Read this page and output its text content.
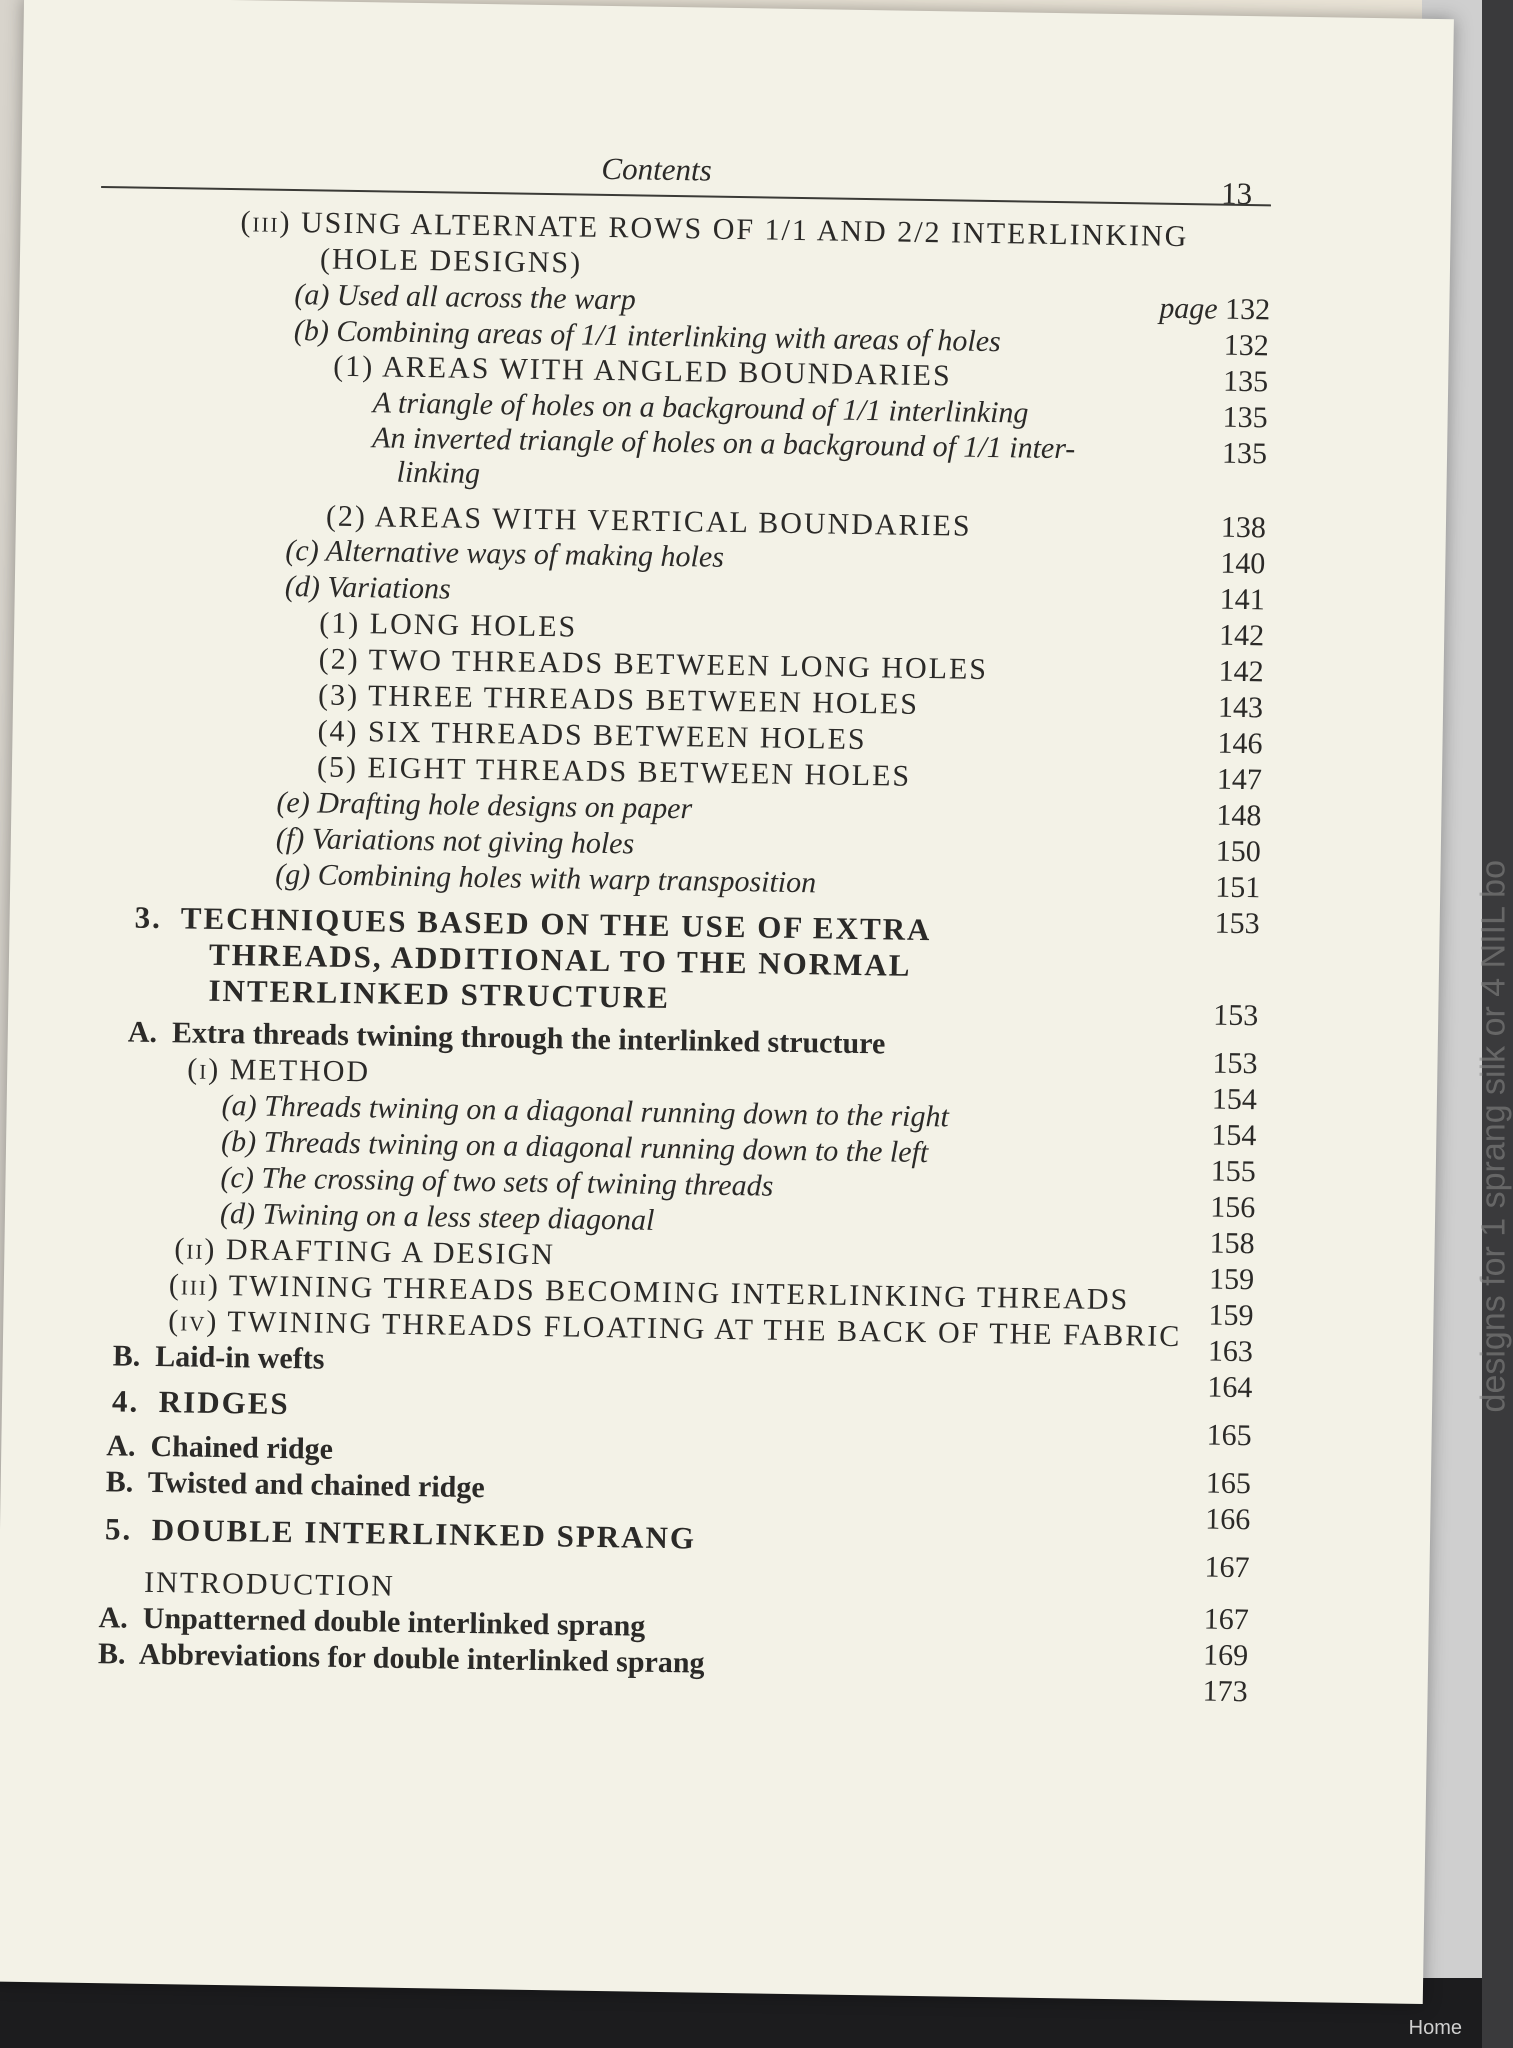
designs for 1 sprang silk or 4 NIIL bo
Home
Contents
13
(iii) USING ALTERNATE ROWS OF 1/1 AND 2/2 INTERLINKING
(HOLE DESIGNS)
(a) Used all across the warp
(b) Combining areas of 1/1 interlinking with areas of holes
(1) AREAS WITH ANGLED BOUNDARIES
A triangle of holes on a background of 1/1 interlinking
An inverted triangle of holes on a background of 1/1 inter-
linking
(2) AREAS WITH VERTICAL BOUNDARIES
(c) Alternative ways of making holes
(d) Variations
(1) LONG HOLES
(2) TWO THREADS BETWEEN LONG HOLES
(3) THREE THREADS BETWEEN HOLES
(4) SIX THREADS BETWEEN HOLES
(5) EIGHT THREADS BETWEEN HOLES
(e) Drafting hole designs on paper
(f) Variations not giving holes
(g) Combining holes with warp transposition
3. TECHNIQUES BASED ON THE USE OF EXTRA
THREADS, ADDITIONAL TO THE NORMAL
INTERLINKED STRUCTURE
A. Extra threads twining through the interlinked structure
(i) METHOD
(a) Threads twining on a diagonal running down to the right
(b) Threads twining on a diagonal running down to the left
(c) The crossing of two sets of twining threads
(d) Twining on a less steep diagonal
(ii) DRAFTING A DESIGN
(iii) TWINING THREADS BECOMING INTERLINKING THREADS
(iv) TWINING THREADS FLOATING AT THE BACK OF THE FABRIC
B. Laid-in wefts
4. RIDGES
A. Chained ridge
B. Twisted and chained ridge
5. DOUBLE INTERLINKED SPRANG
INTRODUCTION
A. Unpatterned double interlinked sprang
B. Abbreviations for double interlinked sprang
page 132
132
135
135
135
138
140
141
142
142
143
146
147
148
150
151
153
153
153
154
154
155
156
158
159
159
163
164
165
165
166
167
167
169
173
